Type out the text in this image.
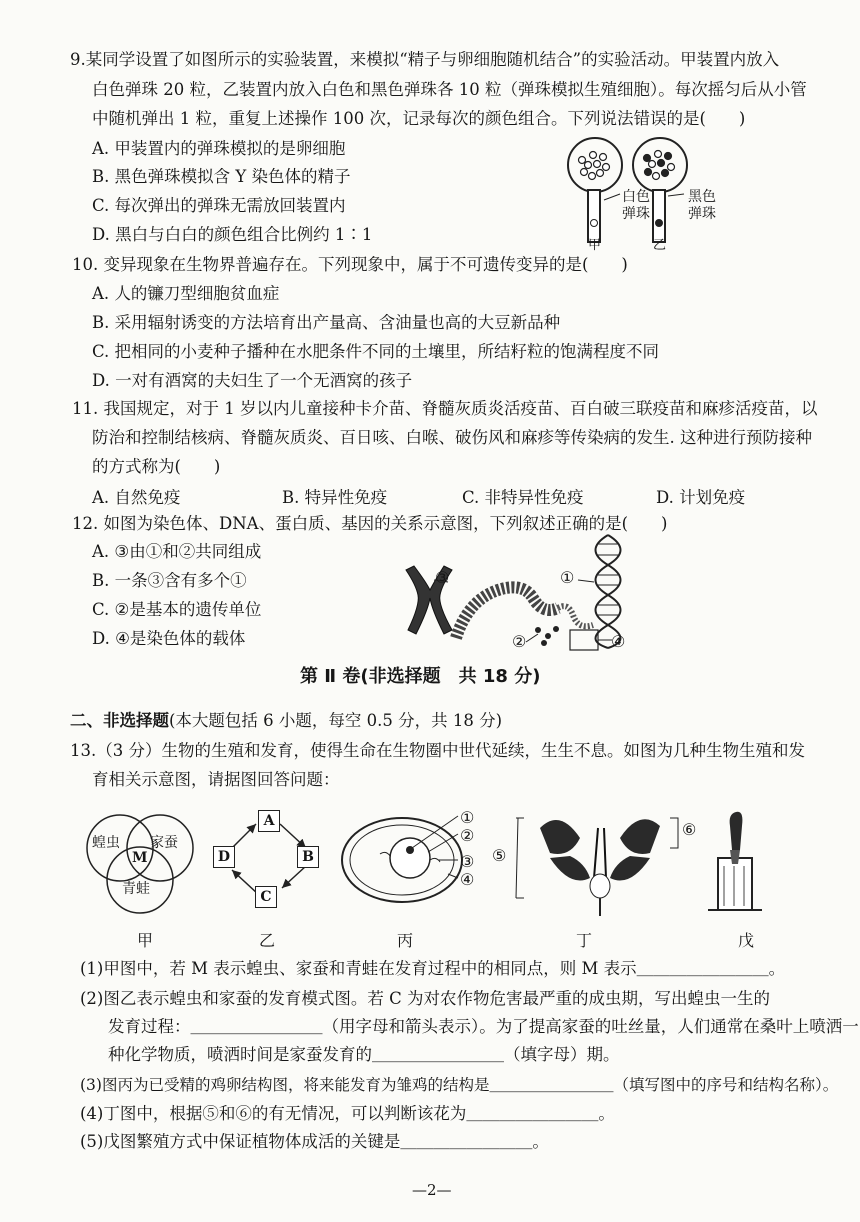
9.某同学设置了如图所示的实验装置，来模拟“精子与卵细胞随机结合”的实验活动。甲装置内放入
白色弹珠 20 粒，乙装置内放入白色和黑色弹珠各 10 粒（弹珠模拟生殖细胞）。每次摇匀后从小管
中随机弹出 1 粒，重复上述操作 100 次，记录每次的颜色组合。下列说法错误的是(　　)
A. 甲装置内的弹珠模拟的是卵细胞
B. 黑色弹珠模拟含 Y 染色体的精子
C. 每次弹出的弹珠无需放回装置内
D. 黑白与白白的颜色组合比例约 1∶1
白色
弹珠
黑色
弹珠
甲	乙
10. 变异现象在生物界普遍存在。下列现象中，属于不可遗传变异的是(　　)
A. 人的镰刀型细胞贫血症
B. 采用辐射诱变的方法培育出产量高、含油量也高的大豆新品种
C. 把相同的小麦种子播种在水肥条件不同的土壤里，所结籽粒的饱满程度不同
D. 一对有酒窝的夫妇生了一个无酒窝的孩子
11. 我国规定，对于 1 岁以内儿童接种卡介苗、脊髓灰质炎活疫苗、百白破三联疫苗和麻疹活疫苗，以
防治和控制结核病、脊髓灰质炎、百日咳、白喉、破伤风和麻疹等传染病的发生. 这种进行预防接种
的方式称为(　　)
A. 自然免疫	B. 特异性免疫	C. 非特异性免疫	D. 计划免疫
12. 如图为染色体、DNA、蛋白质、基因的关系示意图，下列叙述正确的是(　　)
A. ③由①和②共同组成
B. 一条③含有多个①
C. ②是基本的遗传单位
D. ④是染色体的载体
③	①
②	④
第 Ⅱ 卷(非选择题　共 18 分)
二、非选择题(本大题包括 6 小题，每空 0.5 分，共 18 分)
13.（3 分）生物的生殖和发育，使得生命在生物圈中世代延续，生生不息。如图为几种生物生殖和发
育相关示意图，请据图回答问题：
蝗虫 家蚕
M
青蛙
A
B
C
D
①
②
③
④
⑤
⑥
甲	乙	丙	丁	戊
(1)甲图中，若 M 表示蝗虫、家蚕和青蛙在发育过程中的相同点，则 M 表示＿＿＿＿＿＿＿＿。
(2)图乙表示蝗虫和家蚕的发育模式图。若 C 为对农作物危害最严重的成虫期，写出蝗虫一生的
发育过程：＿＿＿＿＿＿＿＿（用字母和箭头表示）。为了提高家蚕的吐丝量，人们通常在桑叶上喷洒一
种化学物质，喷洒时间是家蚕发育的＿＿＿＿＿＿＿＿（填字母）期。
(3)图丙为已受精的鸡卵结构图，将来能发育为雏鸡的结构是＿＿＿＿＿＿＿＿（填写图中的序号和结构名称）。
(4)丁图中，根据⑤和⑥的有无情况，可以判断该花为＿＿＿＿＿＿＿＿。
(5)戊图繁殖方式中保证植物体成活的关键是＿＿＿＿＿＿＿＿。
—2—
